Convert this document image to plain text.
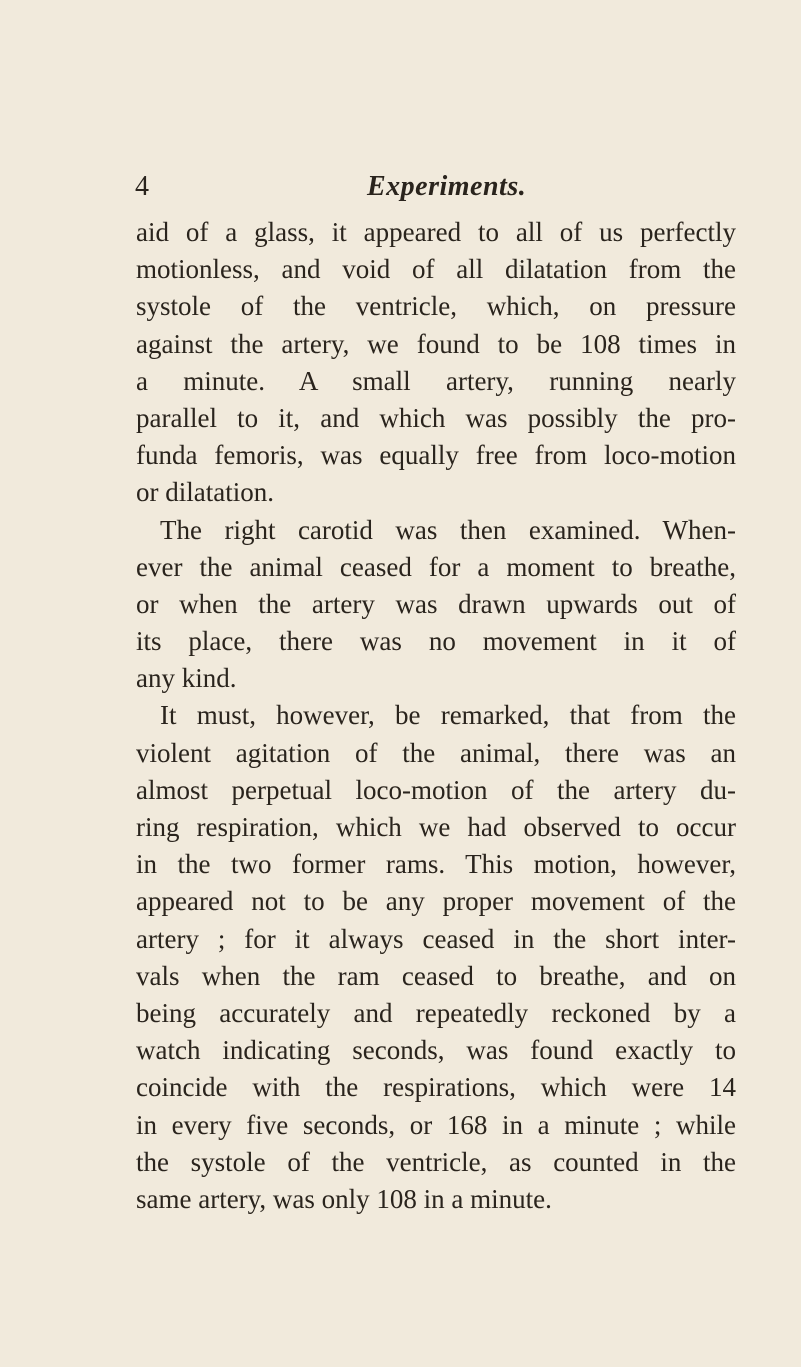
4	Experiments.
aid of a glass, it appeared to all of us perfectly
motionless, and void of all dilatation from the
systole of the ventricle, which, on pressure
against the artery, we found to be 108 times in
a minute. A small artery, running nearly
parallel to it, and which was possibly the pro-
funda femoris, was equally free from loco-motion
or dilatation.
The right carotid was then examined. When-
ever the animal ceased for a moment to breathe,
or when the artery was drawn upwards out of
its place, there was no movement in it of
any kind.
It must, however, be remarked, that from the
violent agitation of the animal, there was an
almost perpetual loco-motion of the artery du-
ring respiration, which we had observed to occur
in the two former rams. This motion, however,
appeared not to be any proper movement of the
artery ; for it always ceased in the short inter-
vals when the ram ceased to breathe, and on
being accurately and repeatedly reckoned by a
watch indicating seconds, was found exactly to
coincide with the respirations, which were 14
in every five seconds, or 168 in a minute ; while
the systole of the ventricle, as counted in the
same artery, was only 108 in a minute.
